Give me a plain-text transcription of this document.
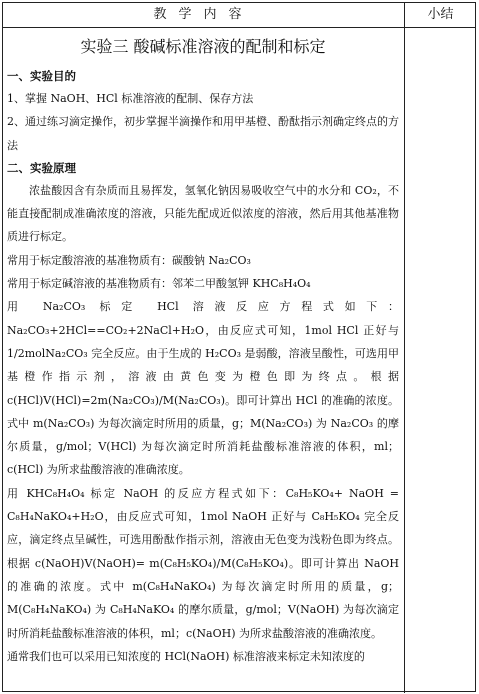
教学内容	小结
实验三 酸碱标准溶液的配制和标定
一、实验目的

1、掌握 NaOH、HCl 标准溶液的配制、保存方法

2、通过练习滴定操作，初步掌握半滴操作和用甲基橙、酚酞指示剂确定终点的方法

二、实验原理

浓盐酸因含有杂质而且易挥发，氢氧化钠因易吸收空气中的水分和 CO₂，不能直接配制成准确浓度的溶液，只能先配成近似浓度的溶液，然后用其他基准物质进行标定。

常用于标定酸溶液的基准物质有：碳酸钠 Na₂CO₃

常用于标定碱溶液的基准物质有：邻苯二甲酸氢钾 KHC₈H₄O₄

用 Na₂CO₃ 标定 HCl 溶液反应方程式如下：Na₂CO₃+2HCl==CO₂+2NaCl+H₂O，由反应式可知，1mol HCl 正好与 1/2molNa₂CO₃ 完全反应。由于生成的 H₂CO₃ 是弱酸，溶液呈酸性，可选用甲基橙作指示剂，溶液由黄色变为橙色即为终点。根据 c(HCl)V(HCl)=2m(Na₂CO₃)/M(Na₂CO₃)。即可计算出 HCl 的准确的浓度。式中 m(Na₂CO₃) 为每次滴定时所用的质量，g；M(Na₂CO₃) 为 Na₂CO₃ 的摩尔质量，g/mol；V(HCl) 为每次滴定时所消耗盐酸标准溶液的体积，ml；c(HCl) 为所求盐酸溶液的准确浓度。

用 KHC₈H₄O₄ 标定 NaOH 的反应方程式如下：C₈H₅KO₄+ NaOH = C₈H₄NaKO₄+H₂O，由反应式可知，1mol NaOH 正好与 C₈H₅KO₄ 完全反应，滴定终点呈碱性，可选用酚酞作指示剂，溶液由无色变为浅粉色即为终点。根据 c(NaOH)V(NaOH)= m(C₈H₅KO₄)/M(C₈H₅KO₄)。即可计算出 NaOH 的准确的浓度。式中 m(C₈H₄NaKO₄) 为每次滴定时所用的质量，g；M(C₈H₄NaKO₄) 为 C₈H₄NaKO₄ 的摩尔质量，g/mol；V(NaOH) 为每次滴定时所消耗盐酸标准溶液的体积，ml；c(NaOH) 为所求盐酸溶液的准确浓度。

通常我们也可以采用已知浓度的 HCl(NaOH) 标准溶液来标定未知浓度的
